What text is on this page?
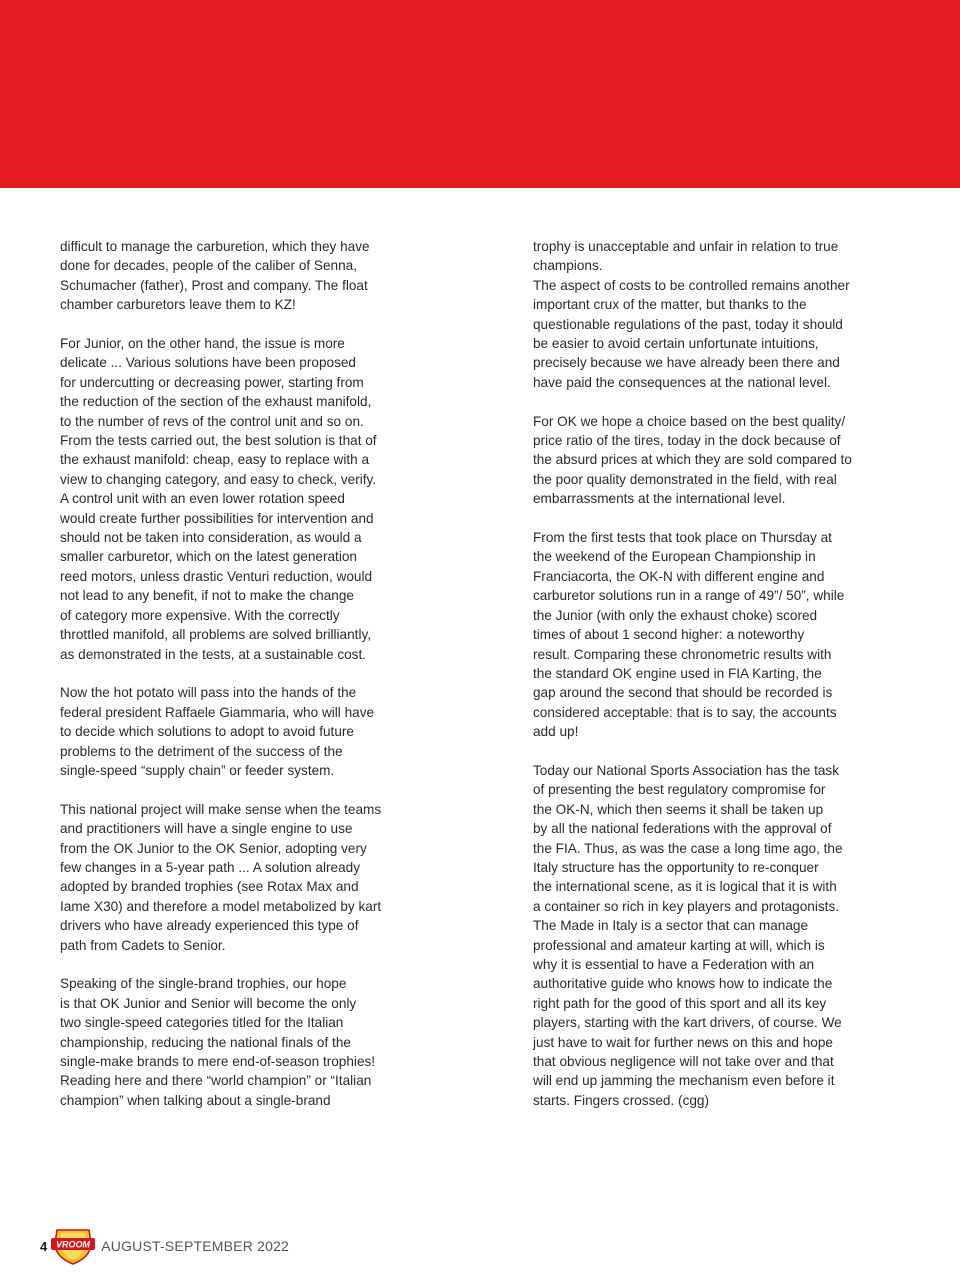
difficult to manage the carburetion, which they have
done for decades, people of the caliber of Senna,
Schumacher (father), Prost and company. The float
chamber carburetors leave them to KZ!

For Junior, on the other hand, the issue is more
delicate ... Various solutions have been proposed
for undercutting or decreasing power, starting from
the reduction of the section of the exhaust manifold,
to the number of revs of the control unit and so on.
From the tests carried out, the best solution is that of
the exhaust manifold: cheap, easy to replace with a
view to changing category, and easy to check, verify.
A control unit with an even lower rotation speed
would create further possibilities for intervention and
should not be taken into consideration, as would a
smaller carburetor, which on the latest generation
reed motors, unless drastic Venturi reduction, would
not lead to any benefit, if not to make the change
of category more expensive. With the correctly
throttled manifold, all problems are solved brilliantly,
as demonstrated in the tests, at a sustainable cost.

Now the hot potato will pass into the hands of the
federal president Raffaele Giammaria, who will have
to decide which solutions to adopt to avoid future
problems to the detriment of the success of the
single-speed “supply chain” or feeder system.

This national project will make sense when the teams
and practitioners will have a single engine to use
from the OK Junior to the OK Senior, adopting very
few changes in a 5-year path ... A solution already
adopted by branded trophies (see Rotax Max and
Iame X30) and therefore a model metabolized by kart
drivers who have already experienced this type of
path from Cadets to Senior.

Speaking of the single-brand trophies, our hope
is that OK Junior and Senior will become the only
two single-speed categories titled for the Italian
championship, reducing the national finals of the
single-make brands to mere end-of-season trophies!
Reading here and there “world champion” or “Italian
champion” when talking about a single-brand

trophy is unacceptable and unfair in relation to true
champions.
The aspect of costs to be controlled remains another
important crux of the matter, but thanks to the
questionable regulations of the past, today it should
be easier to avoid certain unfortunate intuitions,
precisely because we have already been there and
have paid the consequences at the national level.

For OK we hope a choice based on the best quality/
price ratio of the tires, today in the dock because of
the absurd prices at which they are sold compared to
the poor quality demonstrated in the field, with real
embarrassments at the international level.

From the first tests that took place on Thursday at
the weekend of the European Championship in
Franciacorta, the OK-N with different engine and
carburetor solutions run in a range of 49”/ 50”, while
the Junior (with only the exhaust choke) scored
times of about 1 second higher: a noteworthy
result. Comparing these chronometric results with
the standard OK engine used in FIA Karting, the
gap around the second that should be recorded is
considered acceptable: that is to say, the accounts
add up!

Today our National Sports Association has the task
of presenting the best regulatory compromise for
the OK-N, which then seems it shall be taken up
by all the national federations with the approval of
the FIA. Thus, as was the case a long time ago, the
Italy structure has the opportunity to re-conquer
the international scene, as it is logical that it is with
a container so rich in key players and protagonists.
The Made in Italy is a sector that can manage
professional and amateur karting at will, which is
why it is essential to have a Federation with an
authoritative guide who knows how to indicate the
right path for the good of this sport and all its key
players, starting with the kart drivers, of course. We
just have to wait for further news on this and hope
that obvious negligence will not take over and that
will end up jamming the mechanism even before it
starts. Fingers crossed. (cgg)

4 VROOM AUGUST-SEPTEMBER 2022
